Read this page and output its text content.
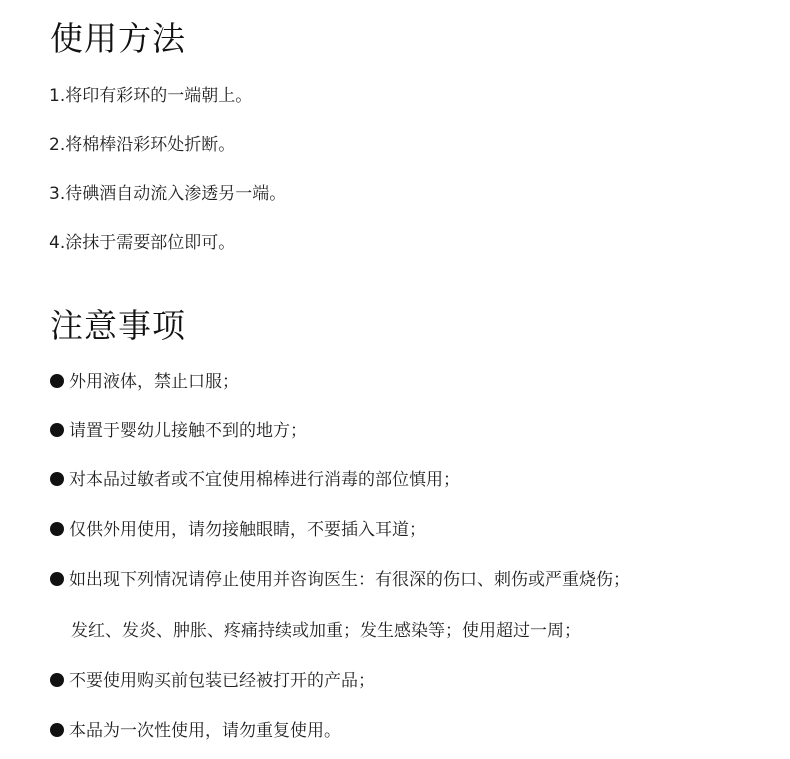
使用方法

1.将印有彩环的一端朝上。

2.将棉棒沿彩环处折断。

3.待碘酒自动流入渗透另一端。

4.涂抹于需要部位即可。

注意事项

外用液体，禁止口服；

请置于婴幼儿接触不到的地方；

对本品过敏者或不宜使用棉棒进行消毒的部位慎用；

仅供外用使用，请勿接触眼睛，不要插入耳道；

如出现下列情况请停止使用并咨询医生：有很深的伤口、刺伤或严重烧伤；

发红、发炎、肿胀、疼痛持续或加重；发生感染等；使用超过一周；

不要使用购买前包装已经被打开的产品；

本品为一次性使用，请勿重复使用。
